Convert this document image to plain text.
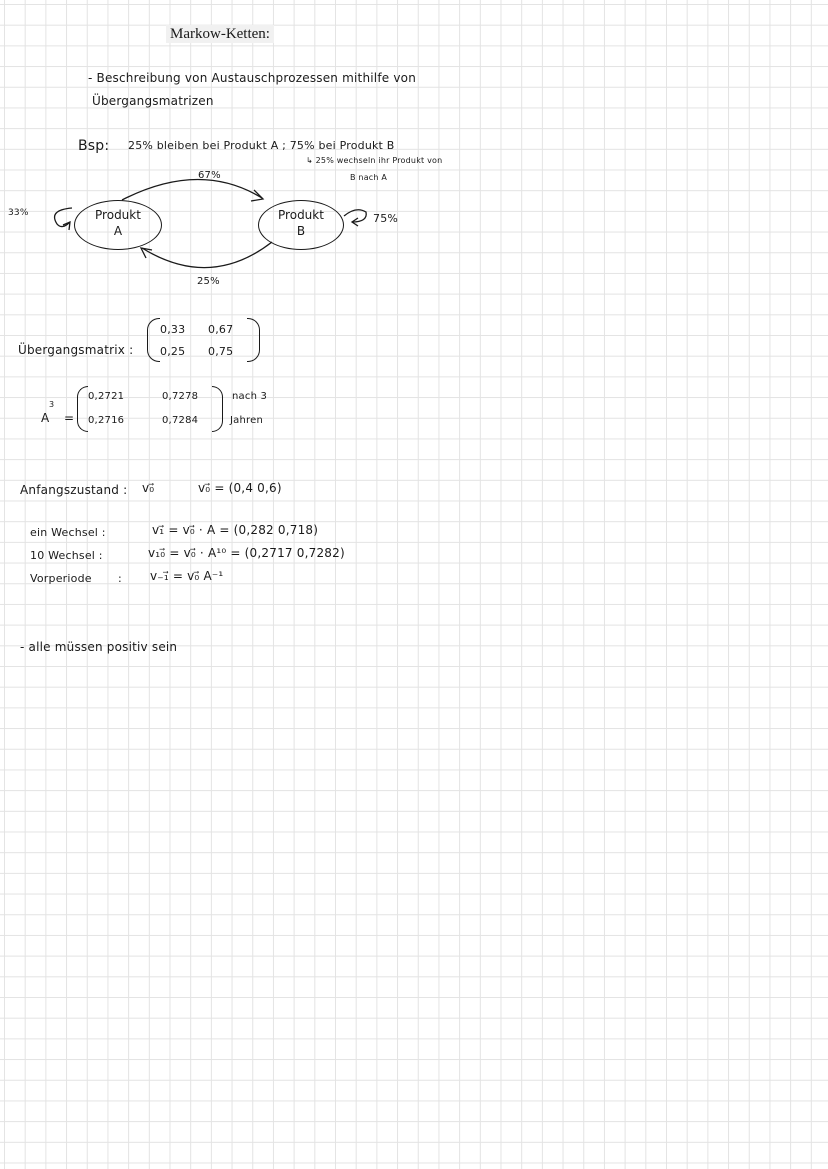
Markow-Ketten:
- Beschreibung von Austauschprozessen mithilfe von
Übergangsmatrizen
Bsp: 25% bleiben bei Produkt A ; 75% bei Produkt B
↳ 25% wechseln ihr Produkt von
B nach A
33%	Produkt
A
Produkt
B
75%
67%
25%
Übergangsmatrix :
0,33 0,67
0,25 0,75
A
3
=
0,2721	0,7278
0,2716	0,7284
nach 3
Jahren
Anfangszustand : v₀⃗	v₀⃗ = (0,4 0,6)
ein Wechsel :	v₁⃗ = v₀⃗ · A = (0,282 0,718)
10 Wechsel :	v₁₀⃗ = v₀⃗ · A¹⁰ = (0,2717 0,7282)
Vorperiode : v₋₁⃗ = v₀⃗ A⁻¹
- alle müssen positiv sein
